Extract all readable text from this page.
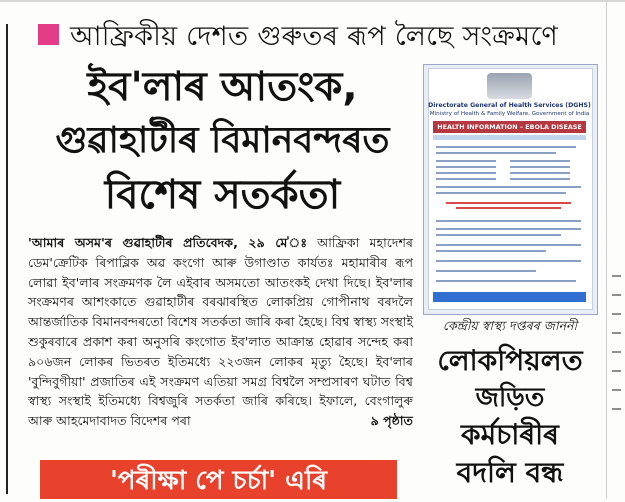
আফ্ৰিকীয় দেশত গুৰুতৰ ৰূপ লৈছে সংক্ৰমণে
ইব'লাৰ আতংক,
গুৱাহাটীৰ বিমানবন্দৰত
বিশেষ সতৰ্কতা
'আমাৰ অসম'ৰ গুৱাহাটীৰ প্ৰতিবেদক, ২৯ মে'ঃ আফ্ৰিকা মহাদেশৰ ডেম'ক্ৰেটিক ৰিপাব্লিক অৱ কংগো আৰু উগাণ্ডাত কাৰ্যতঃ মহামাৰীৰ ৰূপ লোৱা ইব'লাৰ সংক্ৰমণক লৈ এইবাৰ অসমতো আতংকই দেখা দিছে। ইব'লাৰ সংক্ৰমণৰ আশংকাতে গুৱাহাটীৰ বৰঝাৰস্থিত লোকপ্ৰিয় গোপীনাথ বৰদলৈ আন্তৰ্জাতিক বিমানবন্দৰতো বিশেষ সতৰ্কতা জাৰি কৰা হৈছে। বিশ্ব স্বাস্থ্য সংস্থাই শুকুৰবাৰে প্ৰকাশ কৰা অনুসৰি কংগোত ইব'লাত আক্ৰান্ত হোৱাৰ সন্দেহ কৰা ৯০৬জন লোকৰ ভিতৰত ইতিমধ্যে ২২৩জন লোকৰ মৃত্যু হৈছে। ইব'লাৰ 'বুন্দিবুগীয়া' প্ৰজাতিৰ এই সংক্ৰমণ এতিয়া সমগ্ৰ বিশ্বলৈ সম্প্ৰসাৰণ ঘটাত বিশ্ব স্বাস্থ্য সংস্থাই ইতিমধ্যে বিশ্বজুৰি সতৰ্কতা জাৰি কৰিছে। ইফালে, বেংগালুৰু আৰু আহমেদাবাদত বিদেশৰ পৰা	৯ পৃষ্ঠাত
'পৰীক্ষা পে চৰ্চা' এৰি
Directorate General of Health Services (DGHS)
Ministry of Health & Family Welfare, Government of India
HEALTH INFORMATION – EBOLA DISEASE
কেন্দ্ৰীয় স্বাস্থ্য দপ্তৰৰ জাননী
লোকপিয়লত
জড়িত
কৰ্মচাৰীৰ
বদলি বন্ধ
